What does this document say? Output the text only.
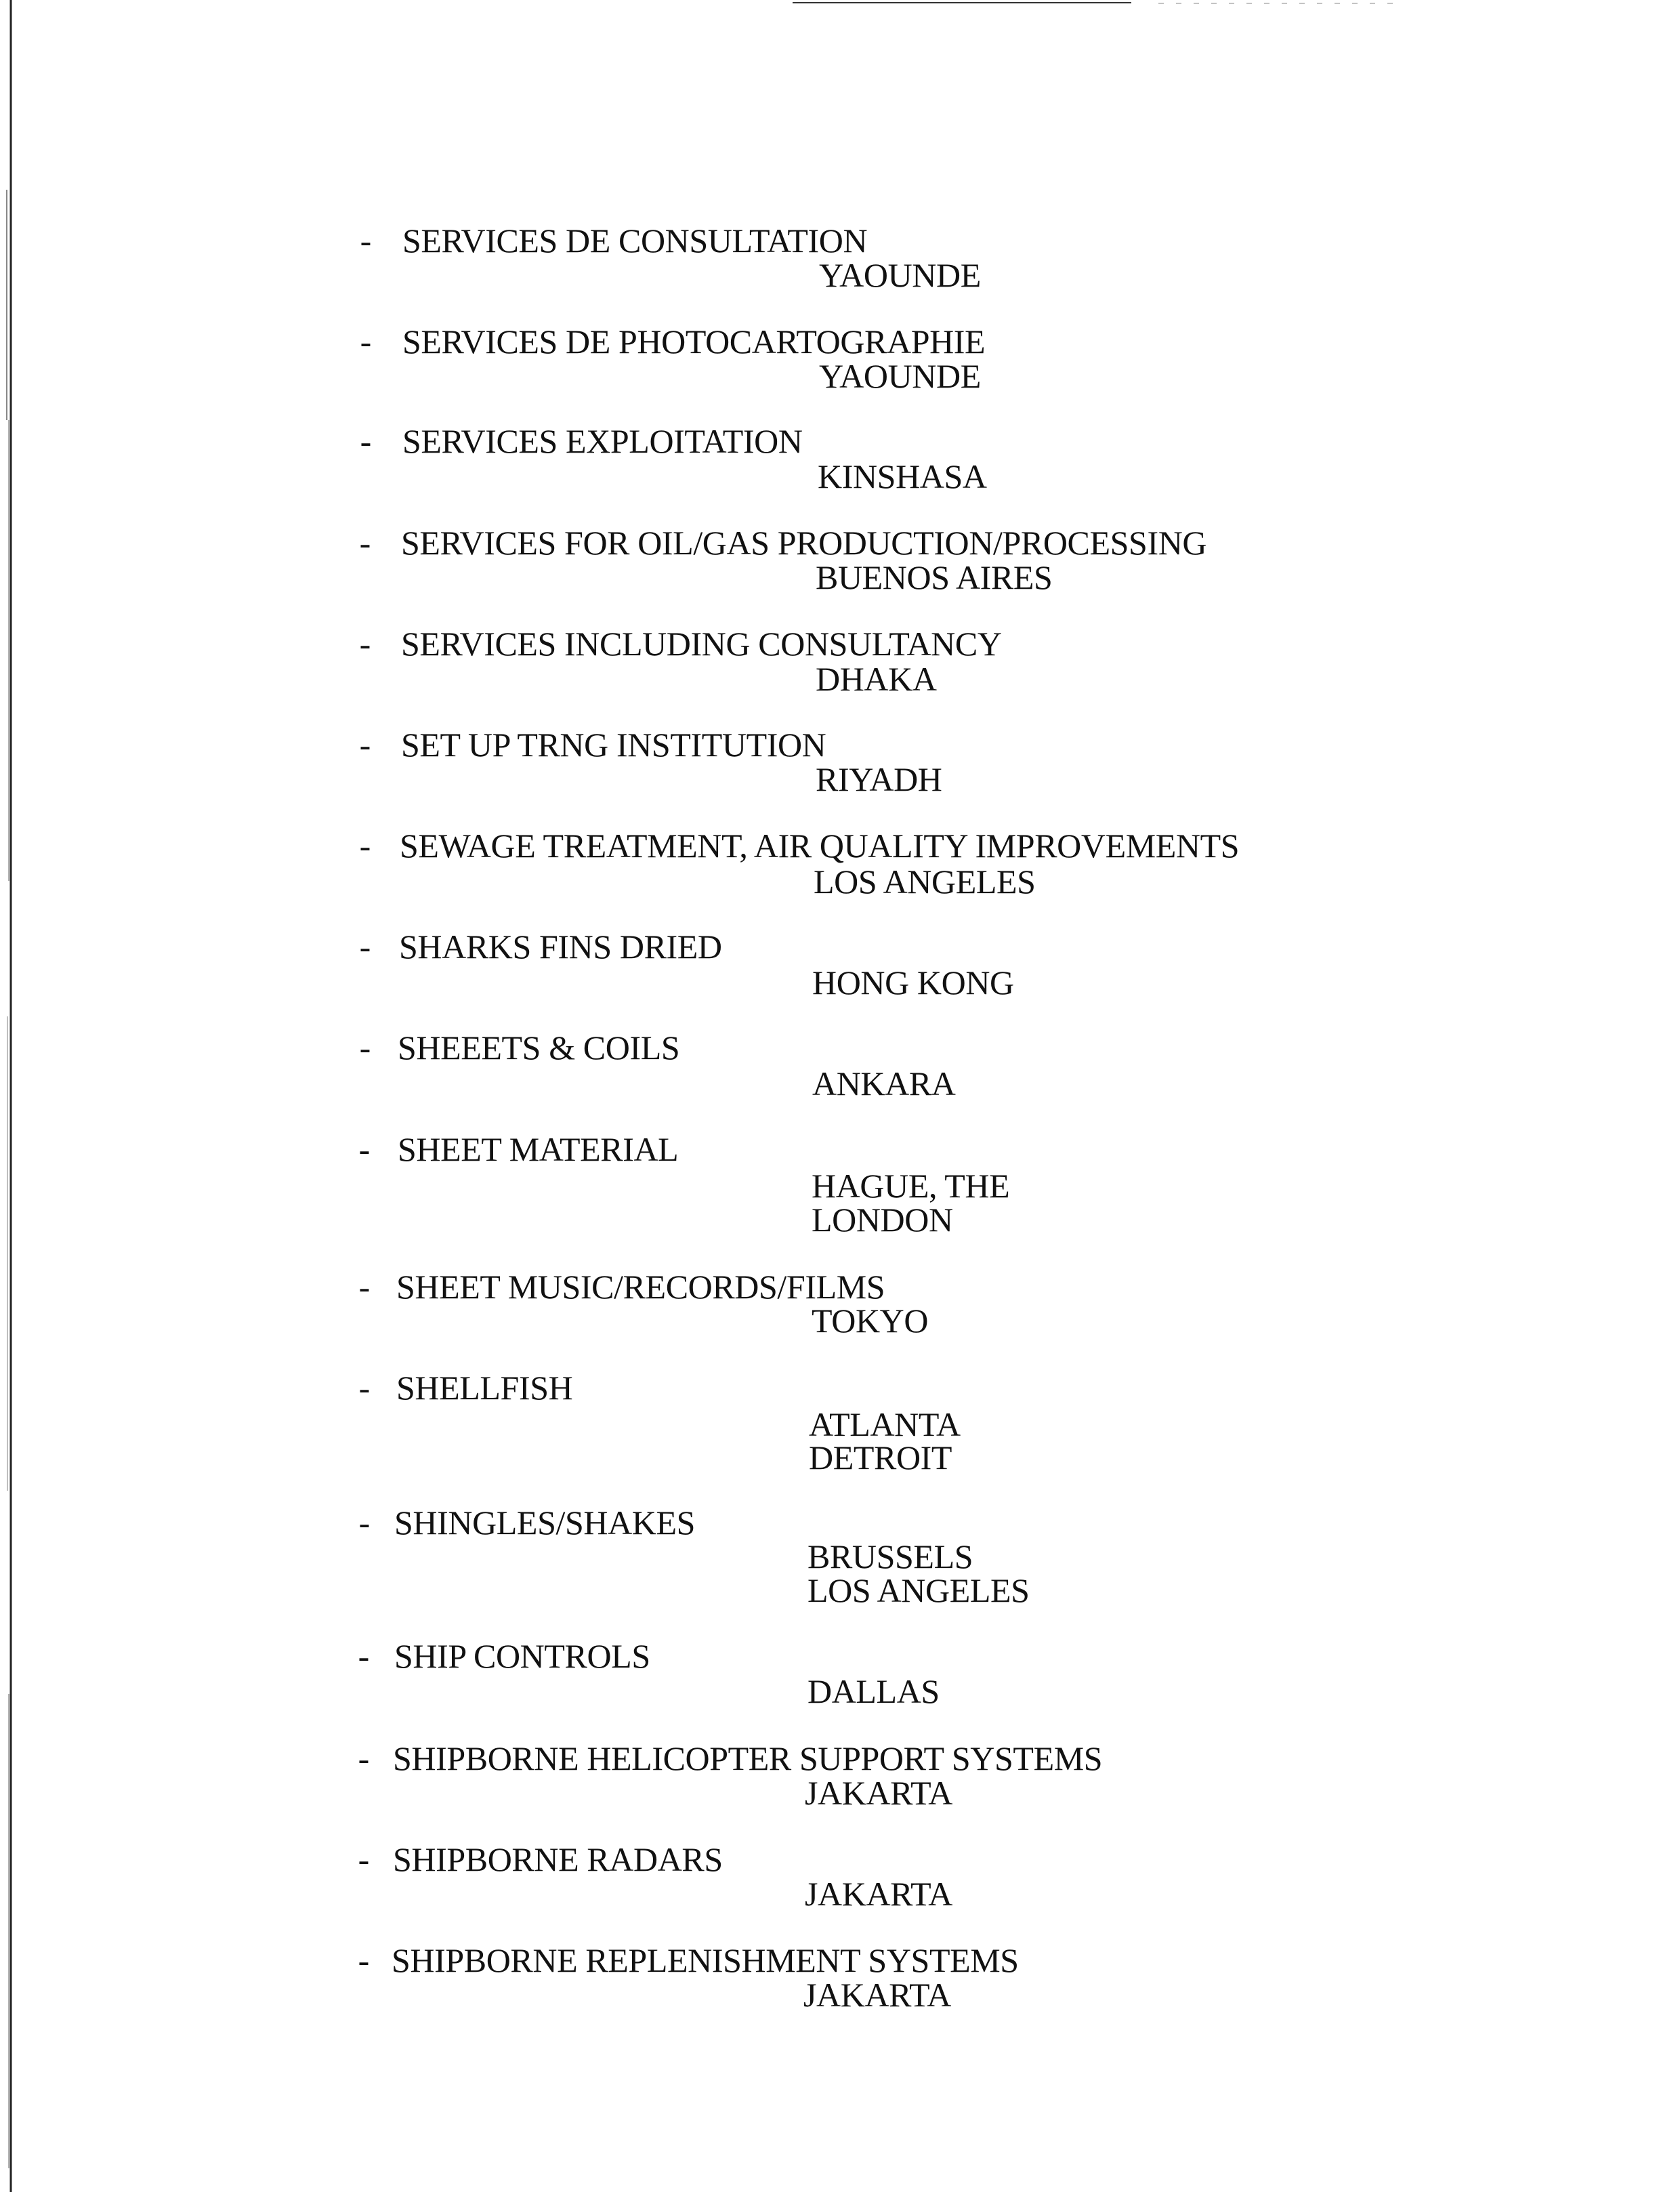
- SERVICES DE CONSULTATION
YAOUNDE
- SERVICES DE PHOTOCARTOGRAPHIE
YAOUNDE
- SERVICES EXPLOITATION
KINSHASA
- SERVICES FOR OIL/GAS PRODUCTION/PROCESSING
BUENOS AIRES
- SERVICES INCLUDING CONSULTANCY
DHAKA
- SET UP TRNG INSTITUTION
RIYADH
- SEWAGE TREATMENT, AIR QUALITY IMPROVEMENTS
LOS ANGELES
- SHARKS FINS DRIED
HONG KONG
- SHEEETS & COILS
ANKARA
- SHEET MATERIAL
HAGUE, THE
LONDON
- SHEET MUSIC/RECORDS/FILMS
TOKYO
- SHELLFISH
ATLANTA
DETROIT
- SHINGLES/SHAKES
BRUSSELS
LOS ANGELES
- SHIP CONTROLS
DALLAS
- SHIPBORNE HELICOPTER SUPPORT SYSTEMS
JAKARTA
- SHIPBORNE RADARS
JAKARTA
- SHIPBORNE REPLENISHMENT SYSTEMS
JAKARTA
